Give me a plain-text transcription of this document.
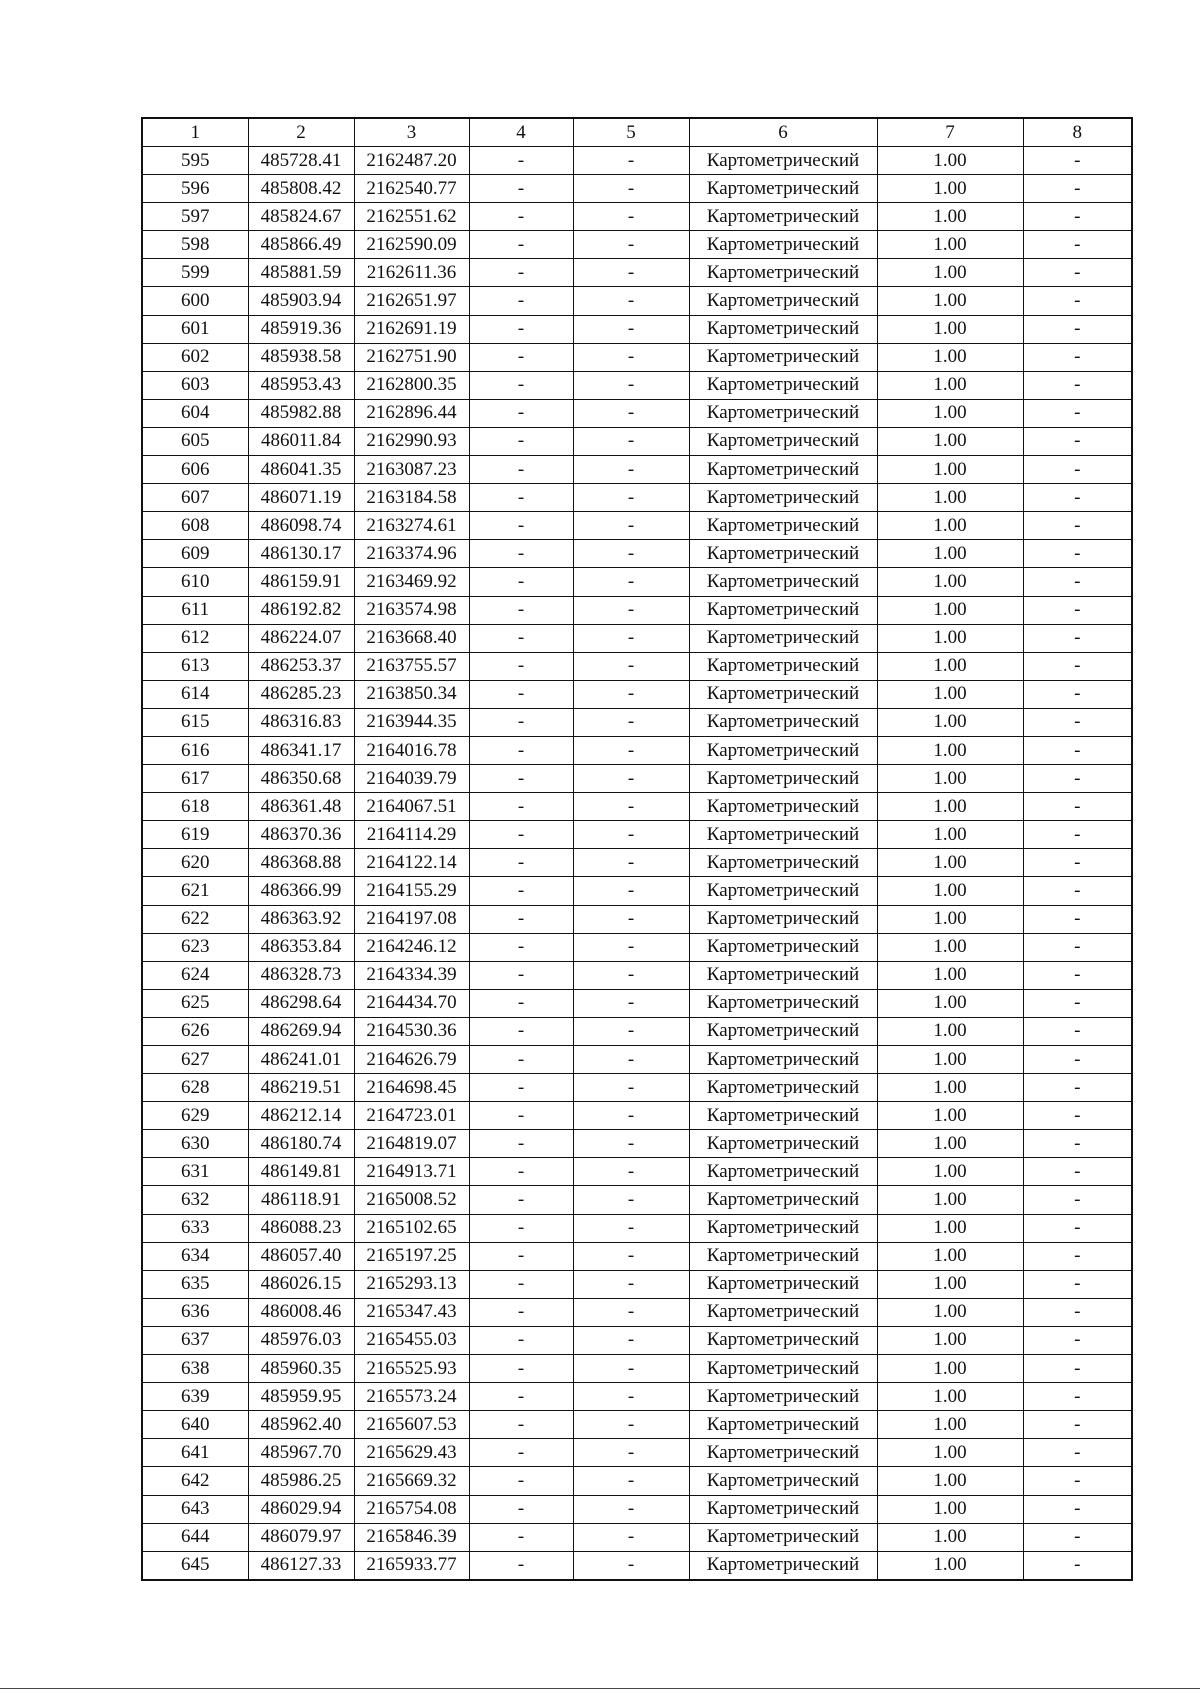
1	2	3	4	5	6	7	8
595	485728.41	2162487.20	-	-	Картометрический	1.00	-
596	485808.42	2162540.77	-	-	Картометрический	1.00	-
597	485824.67	2162551.62	-	-	Картометрический	1.00	-
598	485866.49	2162590.09	-	-	Картометрический	1.00	-
599	485881.59	2162611.36	-	-	Картометрический	1.00	-
600	485903.94	2162651.97	-	-	Картометрический	1.00	-
601	485919.36	2162691.19	-	-	Картометрический	1.00	-
602	485938.58	2162751.90	-	-	Картометрический	1.00	-
603	485953.43	2162800.35	-	-	Картометрический	1.00	-
604	485982.88	2162896.44	-	-	Картометрический	1.00	-
605	486011.84	2162990.93	-	-	Картометрический	1.00	-
606	486041.35	2163087.23	-	-	Картометрический	1.00	-
607	486071.19	2163184.58	-	-	Картометрический	1.00	-
608	486098.74	2163274.61	-	-	Картометрический	1.00	-
609	486130.17	2163374.96	-	-	Картометрический	1.00	-
610	486159.91	2163469.92	-	-	Картометрический	1.00	-
611	486192.82	2163574.98	-	-	Картометрический	1.00	-
612	486224.07	2163668.40	-	-	Картометрический	1.00	-
613	486253.37	2163755.57	-	-	Картометрический	1.00	-
614	486285.23	2163850.34	-	-	Картометрический	1.00	-
615	486316.83	2163944.35	-	-	Картометрический	1.00	-
616	486341.17	2164016.78	-	-	Картометрический	1.00	-
617	486350.68	2164039.79	-	-	Картометрический	1.00	-
618	486361.48	2164067.51	-	-	Картометрический	1.00	-
619	486370.36	2164114.29	-	-	Картометрический	1.00	-
620	486368.88	2164122.14	-	-	Картометрический	1.00	-
621	486366.99	2164155.29	-	-	Картометрический	1.00	-
622	486363.92	2164197.08	-	-	Картометрический	1.00	-
623	486353.84	2164246.12	-	-	Картометрический	1.00	-
624	486328.73	2164334.39	-	-	Картометрический	1.00	-
625	486298.64	2164434.70	-	-	Картометрический	1.00	-
626	486269.94	2164530.36	-	-	Картометрический	1.00	-
627	486241.01	2164626.79	-	-	Картометрический	1.00	-
628	486219.51	2164698.45	-	-	Картометрический	1.00	-
629	486212.14	2164723.01	-	-	Картометрический	1.00	-
630	486180.74	2164819.07	-	-	Картометрический	1.00	-
631	486149.81	2164913.71	-	-	Картометрический	1.00	-
632	486118.91	2165008.52	-	-	Картометрический	1.00	-
633	486088.23	2165102.65	-	-	Картометрический	1.00	-
634	486057.40	2165197.25	-	-	Картометрический	1.00	-
635	486026.15	2165293.13	-	-	Картометрический	1.00	-
636	486008.46	2165347.43	-	-	Картометрический	1.00	-
637	485976.03	2165455.03	-	-	Картометрический	1.00	-
638	485960.35	2165525.93	-	-	Картометрический	1.00	-
639	485959.95	2165573.24	-	-	Картометрический	1.00	-
640	485962.40	2165607.53	-	-	Картометрический	1.00	-
641	485967.70	2165629.43	-	-	Картометрический	1.00	-
642	485986.25	2165669.32	-	-	Картометрический	1.00	-
643	486029.94	2165754.08	-	-	Картометрический	1.00	-
644	486079.97	2165846.39	-	-	Картометрический	1.00	-
645	486127.33	2165933.77	-	-	Картометрический	1.00	-
